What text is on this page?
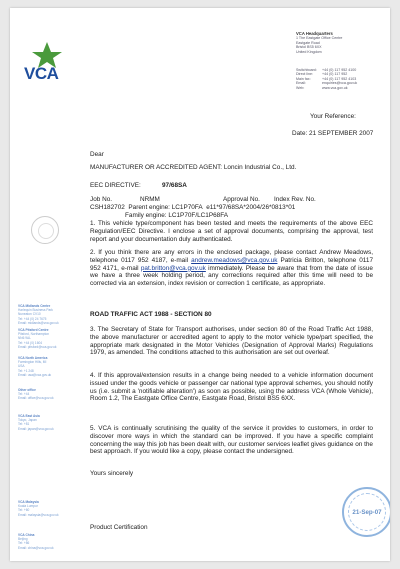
VCA
VCA Midlands Centre
Harlequin Business Park
Nuneaton CV10
Tel: +44 (0) 24 7675
Email: midlands@vca.gov.uk
VCA Pitsford Centre
Pitsford, Northampton
NN6 9AL
Tel: +44 (0) 1604
Email: pitsford@vca.gov.uk
VCA North America
Farmington Hills, MI
USA
Tel: +1 248
Email: usa@vca.gov.uk
Other office
Tel: +44
Email: office@vca.gov.uk
VCA East Asia
Tokyo, Japan
Tel: +81
Email: japan@vca.gov.uk
VCA Malaysia
Kuala Lumpur
Tel: +60
Email: malaysia@vca.gov.uk
VCA China
Beijing
Tel: +86
Email: china@vca.gov.uk
VCA Headquarters
1 The Eastgate Office Centre
Eastgate Road
Bristol BS5 6XX
United Kingdom
Switchboard:	+44 (0) 117 952 4100
Direct line:	+44 (0) 117 952
Main fax:	+44 (0) 117 952 4103
Email:	enquiries@vca.gov.uk
Web:	www.vca.gov.uk
Your Reference:
Date: 21 SEPTEMBER 2007
Dear
MANUFACTURER OR ACCREDITED AGENT: Loncin Industrial Co., Ltd.
EEC DIRECTIVE:	97/68SA
Job No.	NRMM	Approval No. Index Rev. No.
CSH182702 Parent engine: LC1P70FA e11*97/68SA*2004/26*0813*01
Family engine: LC1P70F/LC1P68FA
1. This vehicle type/component has been tested and meets the requirements of the above EEC Regulation/EEC Directive. I enclose a set of approval documents, comprising the approval, test report and your documentation duly authenticated.
2. If you think there are any errors in the enclosed package, please contact Andrew Meadows, telephone 0117 952 4187, e-mail andrew.meadows@vca.gov.uk Patricia Britton, telephone 0117 952 4171, e-mail pat.britton@vca.gov.uk immediately. Please be aware that from the date of issue we have a three week holding period, any corrections required after this time will need to be corrected via an extension, index revision or correction 1 certificate, as appropriate.
ROAD TRAFFIC ACT 1988 - SECTION 80
3. The Secretary of State for Transport authorises, under section 80 of the Road Traffic Act 1988, the above manufacturer or accredited agent to apply to the motor vehicle type/part specified, the appropriate mark designated in the Motor Vehicles (Designation of Approval Marks) Regulations 1979, as amended. The conditions attached to this authorisation are set out overleaf.
4. If this approval/extension results in a change being needed to a vehicle information document issued under the goods vehicle or passenger car national type approval schemes, you should notify us (i.e. submit a 'notifiable alteration') as soon as possible, using the address VCA (Whole Vehicle), Room 1.2, The Eastgate Office Centre, Eastgate Road, Bristol BS5 6XX.
5. VCA is continually scrutinising the quality of the service it provides to customers, in order to discover more ways in which the standard can be improved. If you have a specific complaint concerning the way this job has been dealt with, our customer services leaflet gives guidance on the best approach. If you would like a copy, please contact the undersigned.
Yours sincerely
Product Certification
21-Sep-07
